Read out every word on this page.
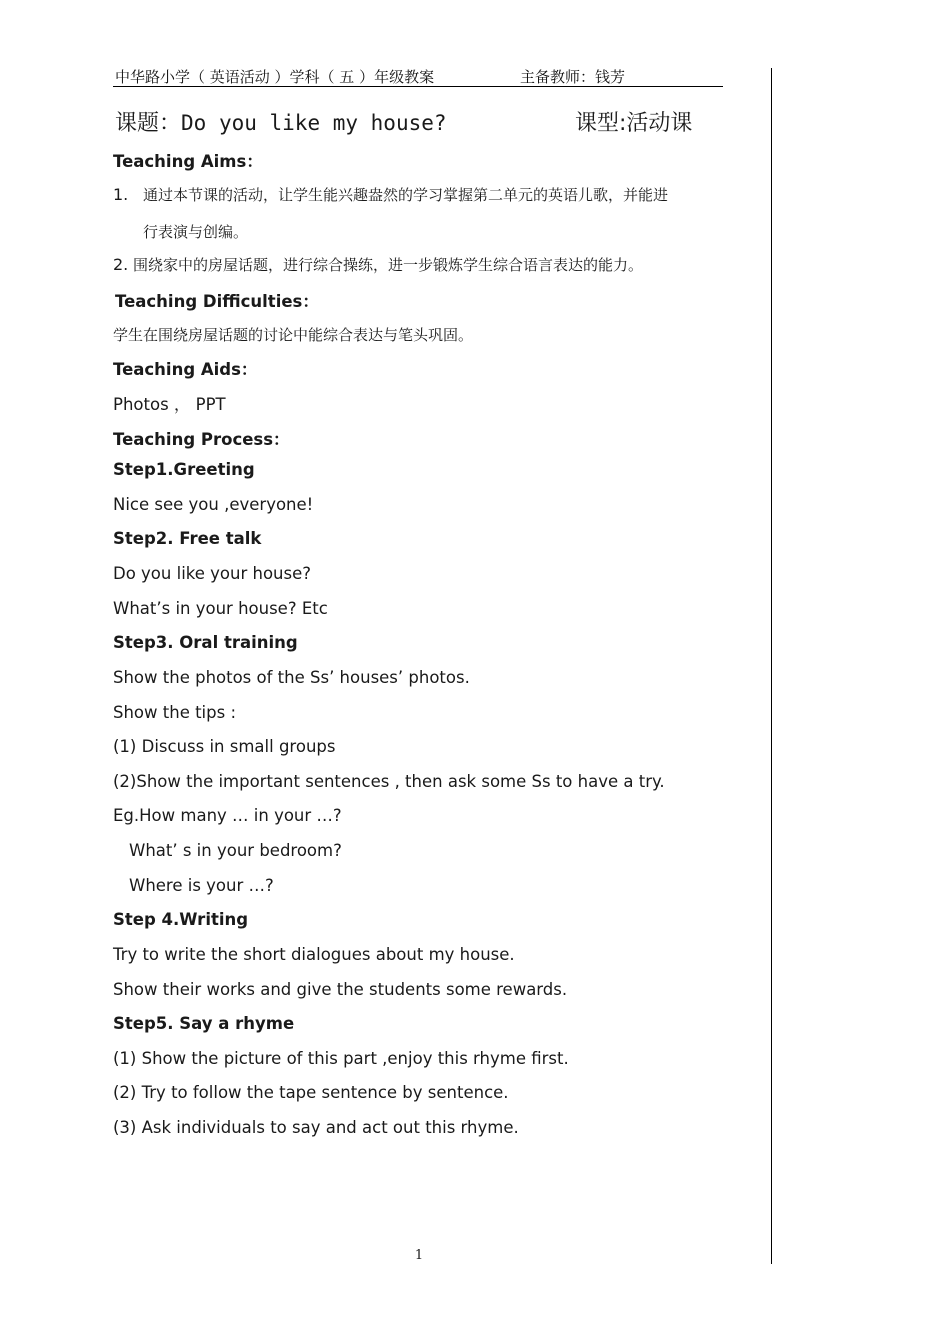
中华路小学（ 英语活动 ）学科（ 五 ）年级教案	主备教师：钱芳
课题：Do you like my house?	课型:活动课
Teaching Aims：
1. 通过本节课的活动，让学生能兴趣盎然的学习掌握第二单元的英语儿歌，并能进
行表演与创编。
2. 围绕家中的房屋话题，进行综合操练，进一步锻炼学生综合语言表达的能力。
Teaching Difficulties：
学生在围绕房屋话题的讨论中能综合表达与笔头巩固。
Teaching Aids：
Photos ， PPT
Teaching Process：
Step1.Greeting
Nice see you ,everyone!
Step2. Free talk
Do you like your house?
What’s in your house? Etc
Step3. Oral training
Show the photos of the Ss’ houses’ photos.
Show the tips :
(1) Discuss in small groups
(2)Show the important sentences , then ask some Ss to have a try.
Eg.How many … in your …?
What’ s in your bedroom?
Where is your …?
Step 4.Writing
Try to write the short dialogues about my house.
Show their works and give the students some rewards.
Step5. Say a rhyme
(1) Show the picture of this part ,enjoy this rhyme first.
(2) Try to follow the tape sentence by sentence.
(3) Ask individuals to say and act out this rhyme.
1
